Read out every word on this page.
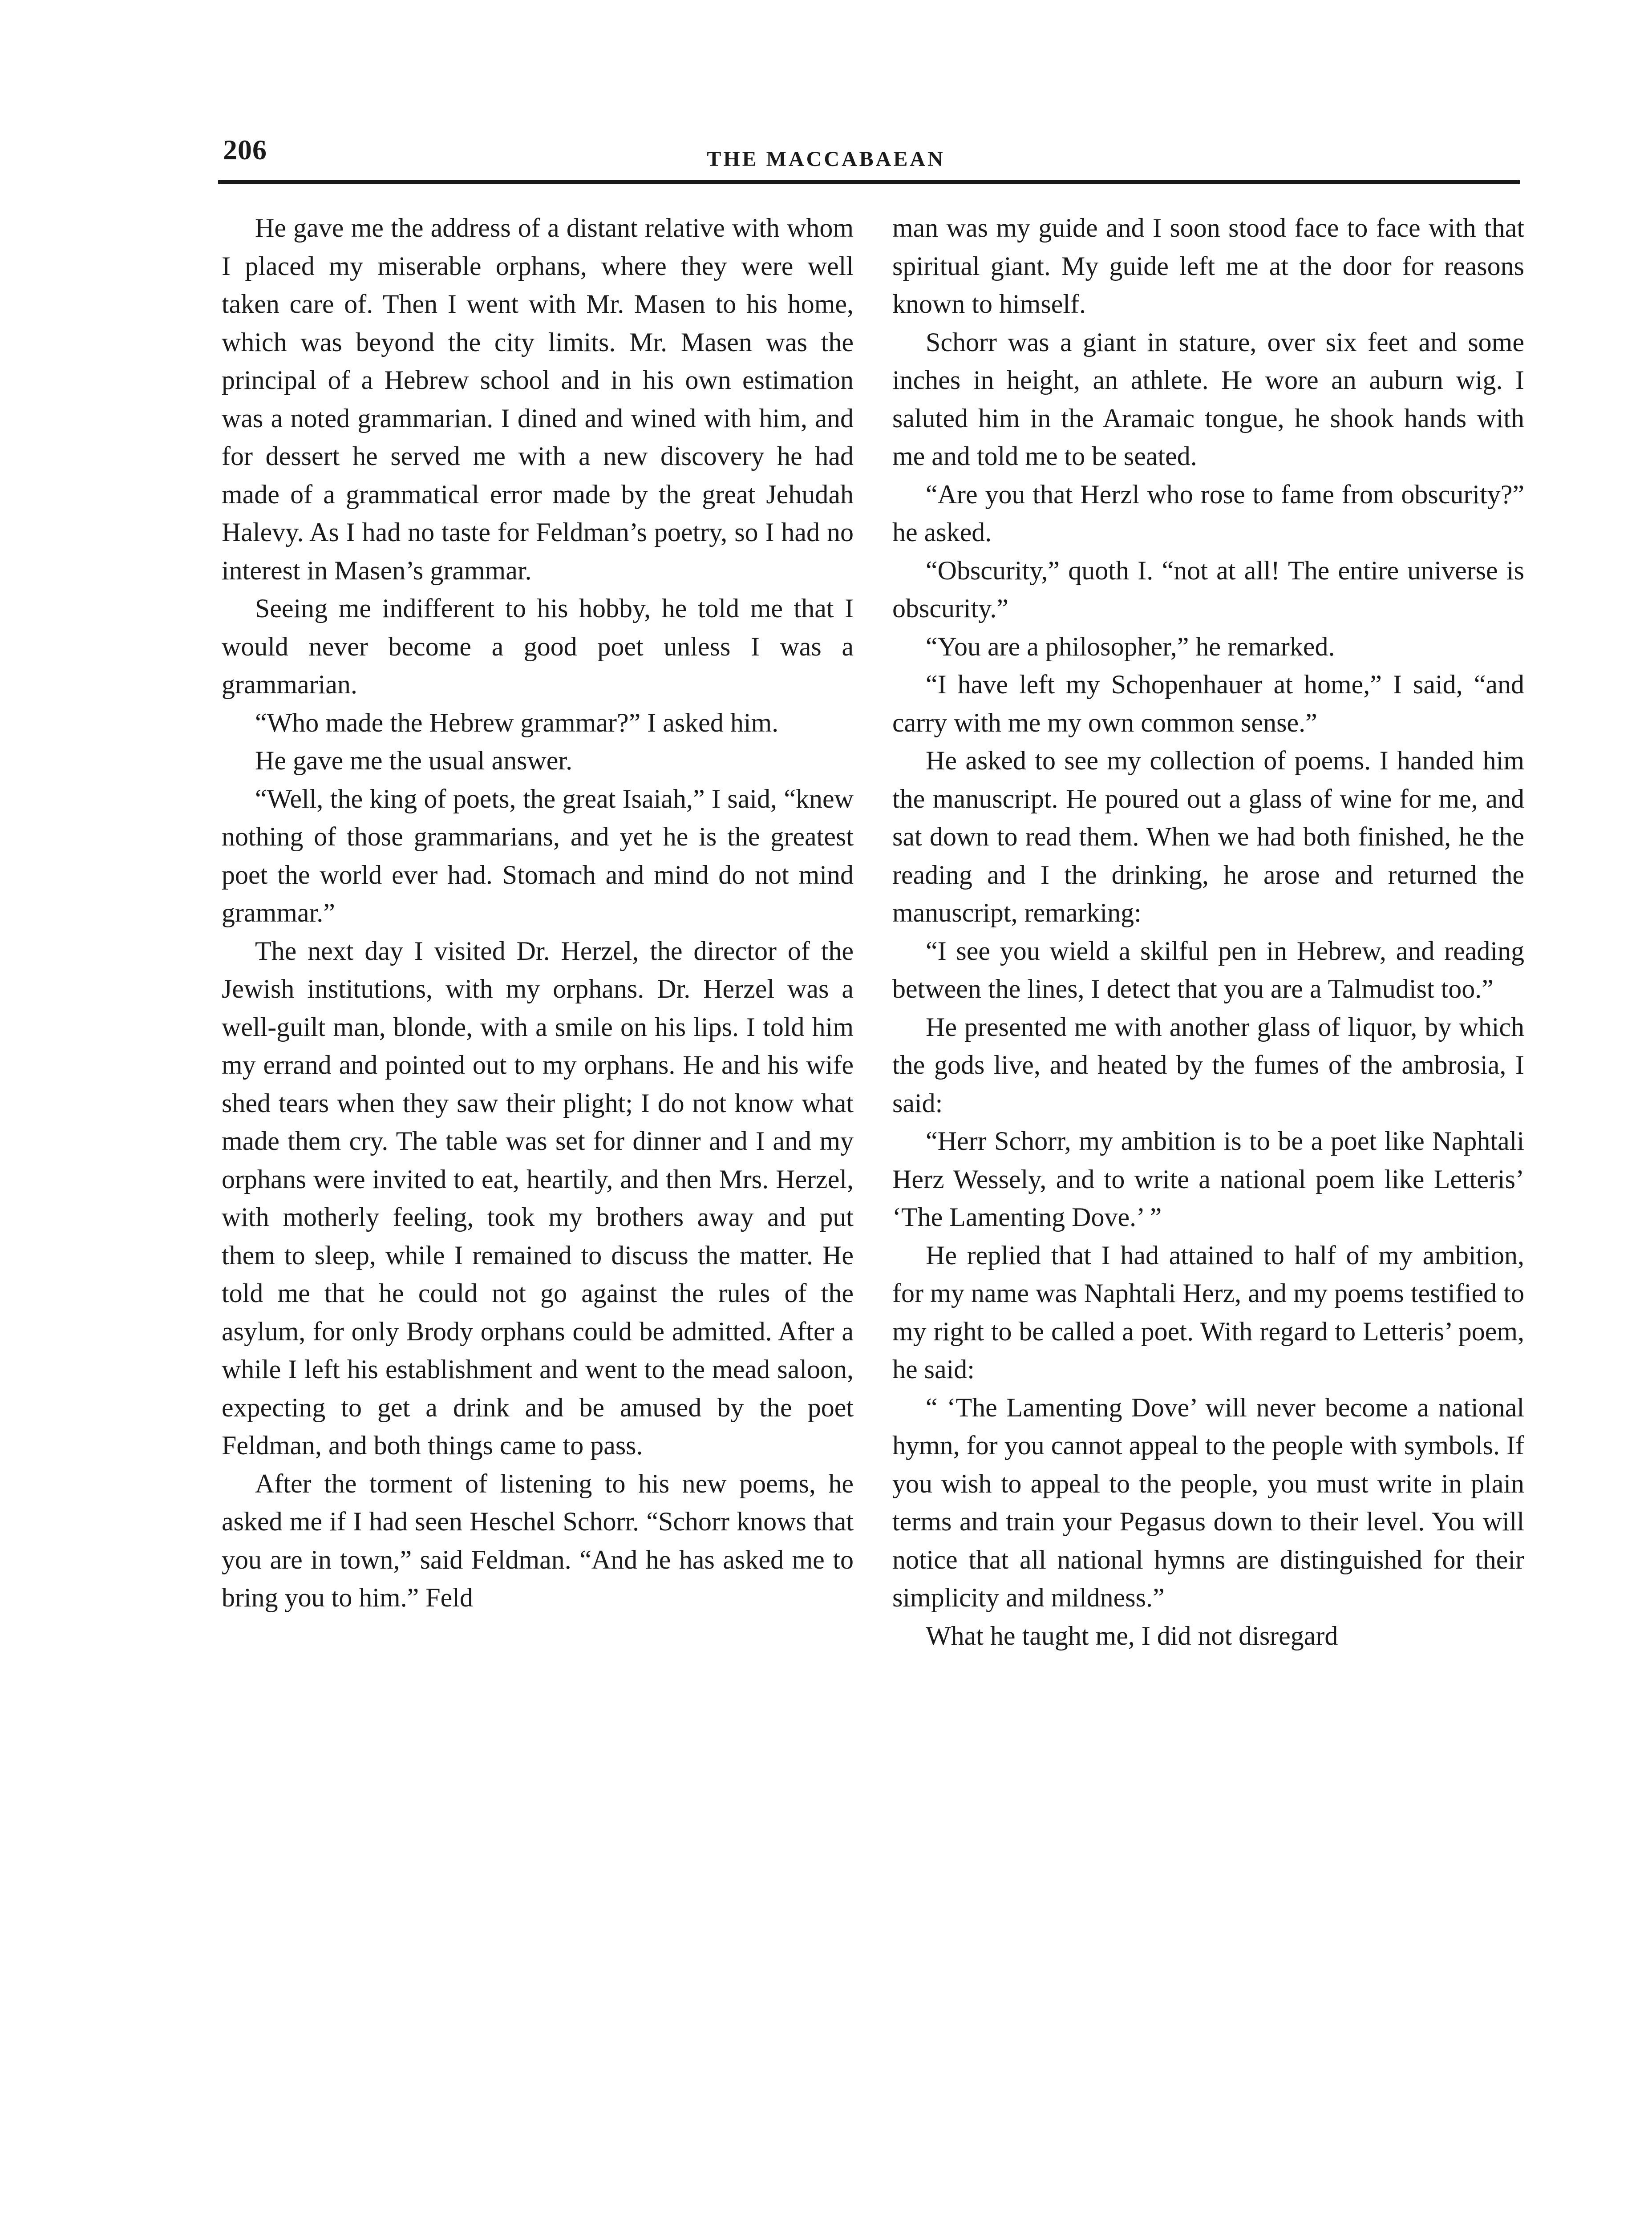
206	THE MACCABAEAN

He gave me the address of a distant relative with whom I placed my miserable orphans, where they were well taken care of. Then I went with Mr. Masen to his home, which was beyond the city limits. Mr. Masen was the principal of a Hebrew school and in his own estimation was a noted grammarian. I dined and wined with him, and for dessert he served me with a new discovery he had made of a grammatical error made by the great Jehudah Halevy. As I had no taste for Feldman’s poetry, so I had no interest in Masen’s grammar.

Seeing me indifferent to his hobby, he told me that I would never become a good poet unless I was a grammarian.

“Who made the Hebrew grammar?” I asked him.

He gave me the usual answer.

“Well, the king of poets, the great Isaiah,” I said, “knew nothing of those grammarians, and yet he is the greatest poet the world ever had. Stomach and mind do not mind grammar.”

The next day I visited Dr. Herzel, the director of the Jewish institutions, with my orphans. Dr. Herzel was a well-guilt man, blonde, with a smile on his lips. I told him my errand and pointed out to my orphans. He and his wife shed tears when they saw their plight; I do not know what made them cry. The table was set for dinner and I and my orphans were invited to eat, heartily, and then Mrs. Herzel, with motherly feeling, took my brothers away and put them to sleep, while I remained to discuss the matter. He told me that he could not go against the rules of the asylum, for only Brody orphans could be admitted. After a while I left his establishment and went to the mead saloon, expecting to get a drink and be amused by the poet Feldman, and both things came to pass.

After the torment of listening to his new poems, he asked me if I had seen Heschel Schorr. “Schorr knows that you are in town,” said Feldman. “And he has asked me to bring you to him.” Feld

man was my guide and I soon stood face to face with that spiritual giant. My guide left me at the door for reasons known to himself.

Schorr was a giant in stature, over six feet and some inches in height, an athlete. He wore an auburn wig. I saluted him in the Aramaic tongue, he shook hands with me and told me to be seated.

“Are you that Herzl who rose to fame from obscurity?” he asked.

“Obscurity,” quoth I. “not at all! The entire universe is obscurity.”

“You are a philosopher,” he remarked.

“I have left my Schopenhauer at home,” I said, “and carry with me my own common sense.”

He asked to see my collection of poems. I handed him the manuscript. He poured out a glass of wine for me, and sat down to read them. When we had both finished, he the reading and I the drinking, he arose and returned the manuscript, remarking:

“I see you wield a skilful pen in Hebrew, and reading between the lines, I detect that you are a Talmudist too.”

He presented me with another glass of liquor, by which the gods live, and heated by the fumes of the ambrosia, I said:

“Herr Schorr, my ambition is to be a poet like Naphtali Herz Wessely, and to write a national poem like Letteris’ ‘The Lamenting Dove.’ ”

He replied that I had attained to half of my ambition, for my name was Naphtali Herz, and my poems testified to my right to be called a poet. With regard to Letteris’ poem, he said:

“ ‘The Lamenting Dove’ will never become a national hymn, for you cannot appeal to the people with symbols. If you wish to appeal to the people, you must write in plain terms and train your Pegasus down to their level. You will notice that all national hymns are distinguished for their simplicity and mildness.”

What he taught me, I did not disregard
